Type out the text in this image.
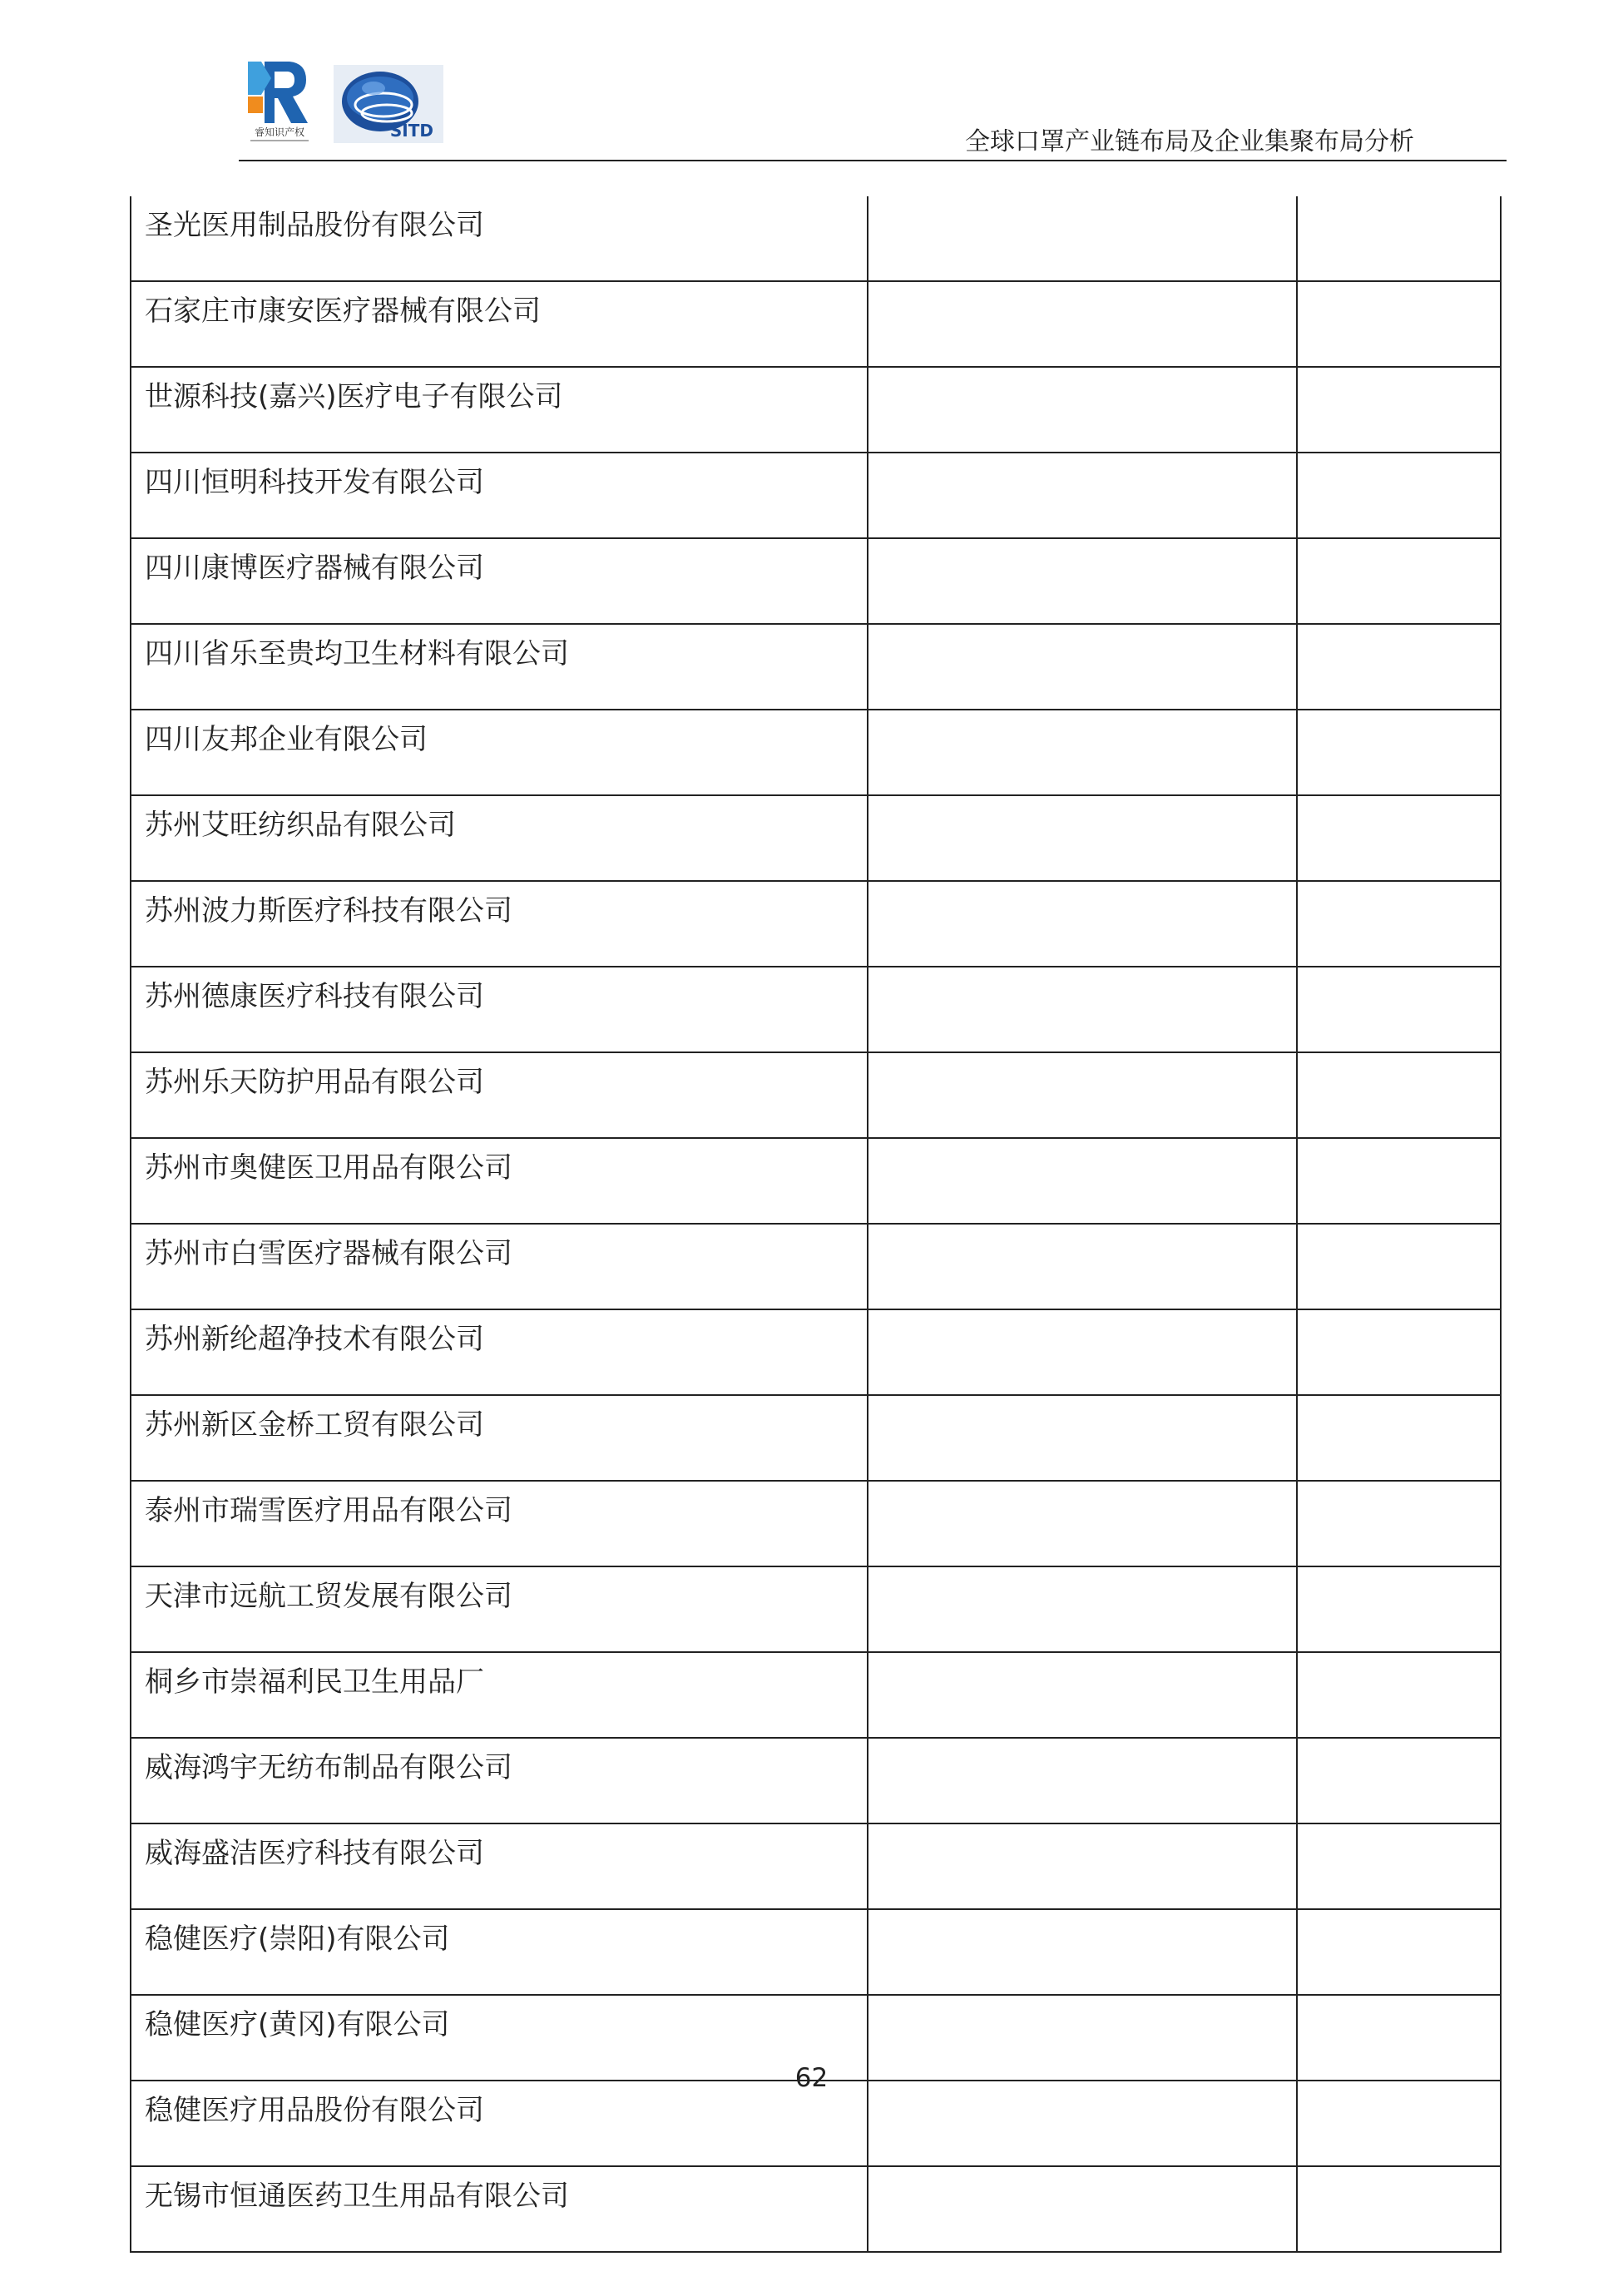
睿知识产权	SITD	全球口罩产业链布局及企业集聚布局分析
圣光医用制品股份有限公司		
石家庄市康安医疗器械有限公司		
世源科技(嘉兴)医疗电子有限公司		
四川恒明科技开发有限公司		
四川康博医疗器械有限公司		
四川省乐至贵均卫生材料有限公司		
四川友邦企业有限公司		
苏州艾旺纺织品有限公司		
苏州波力斯医疗科技有限公司		
苏州德康医疗科技有限公司		
苏州乐天防护用品有限公司		
苏州市奥健医卫用品有限公司		
苏州市白雪医疗器械有限公司		
苏州新纶超净技术有限公司		
苏州新区金桥工贸有限公司		
泰州市瑞雪医疗用品有限公司		
天津市远航工贸发展有限公司		
桐乡市崇福利民卫生用品厂		
威海鸿宇无纺布制品有限公司		
威海盛洁医疗科技有限公司		
稳健医疗(崇阳)有限公司		
稳健医疗(黄冈)有限公司		
稳健医疗用品股份有限公司		
无锡市恒通医药卫生用品有限公司		
62
